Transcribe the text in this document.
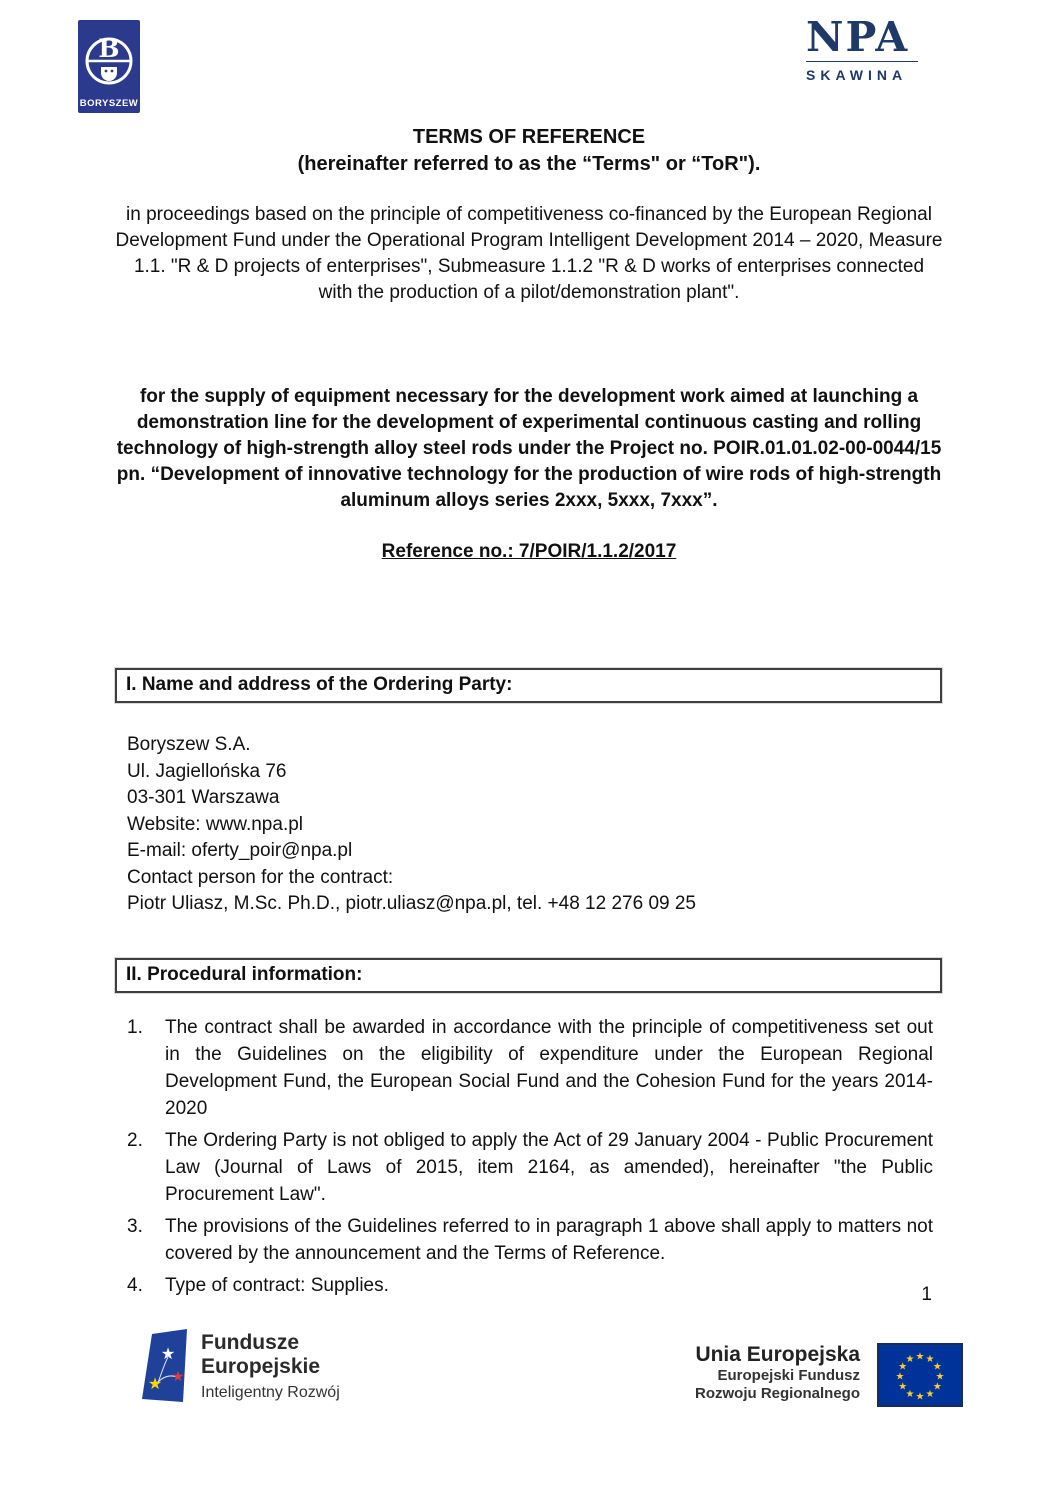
B
BORYSZEW
NPA
SKAWINA
TERMS OF REFERENCE
(hereinafter referred to as the “Terms" or “ToR").

in proceedings based on the principle of competitiveness co-financed by the European Regional Development Fund under the Operational Program Intelligent Development 2014 – 2020, Measure 1.1. "R & D projects of enterprises", Submeasure 1.1.2 "R & D works of enterprises connected with the production of a pilot/demonstration plant".

for the supply of equipment necessary for the development work aimed at launching a demonstration line for the development of experimental continuous casting and rolling technology of high-strength alloy steel rods under the Project no. POIR.01.01.02-00-0044/15 pn. “Development of innovative technology for the production of wire rods of high-strength aluminum alloys series 2xxx, 5xxx, 7xxx”.

Reference no.: 7/POIR/1.1.2/2017
I. Name and address of the Ordering Party:
Boryszew S.A.
Ul. Jagiellońska 76
03-301 Warszawa
Website: www.npa.pl
E-mail: oferty_poir@npa.pl
Contact person for the contract:
Piotr Uliasz, M.Sc. Ph.D., piotr.uliasz@npa.pl, tel. +48 12 276 09 25
II. Procedural information:
1.	The contract shall be awarded in accordance with the principle of competitiveness set out in the Guidelines on the eligibility of expenditure under the European Regional Development Fund, the European Social Fund and the Cohesion Fund for the years 2014-2020
2.	The Ordering Party is not obliged to apply the Act of 29 January 2004 - Public Procurement Law (Journal of Laws of 2015, item 2164, as amended), hereinafter "the Public Procurement Law".
3.	The provisions of the Guidelines referred to in paragraph 1 above shall apply to matters not covered by the announcement and the Terms of Reference.
4.	Type of contract: Supplies.	1
★
★
★
Fundusze
Europejskie
Inteligentny Rozwój
Unia Europejska
Europejski Fundusz
Rozwoju Regionalnego
★ ★
★
★
★
★
★
★
★
★
★
★
